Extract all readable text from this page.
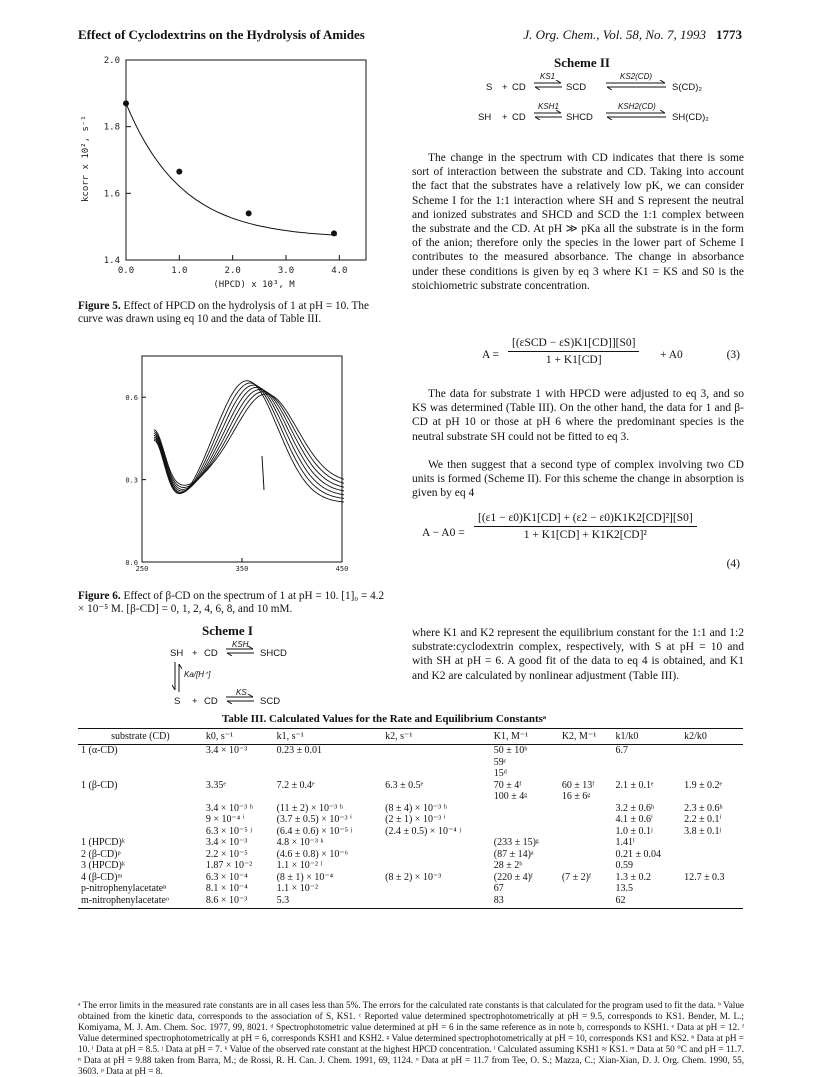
Effect of Cyclodextrins on the Hydrolysis of Amides	J. Org. Chem., Vol. 58, No. 7, 1993 1773
1.4
1.6
1.8
2.0
0.0	1.0	2.0	3.0	4.0
kcorr x 10², s⁻¹
(HPCD) x 10³, M
Figure 5. Effect of HPCD on the hydrolysis of 1 at pH = 10. The curve was drawn using eq 10 and the data of Table III.
0.0
0.3
0.6
250	350	450
Figure 6. Effect of β-CD on the spectrum of 1 at pH = 10. [1]₀ = 4.2 × 10⁻⁵ M. [β-CD] = 0, 1, 2, 4, 6, 8, and 10 mM.
Scheme I
SH + CD
KSH
SHCD
Ka/[H⁺]
S + CD
KS
SCD
Scheme II
S + CD
KS1
SCD
KS2(CD)
S(CD)₂
SH + CD
KSH1
SHCD
KSH2(CD)
SH(CD)₂
The change in the spectrum with CD indicates that there is some sort of interaction between the substrate and CD. Taking into account the fact that the substrates have a relatively low pK, we can consider Scheme I for the 1:1 interaction where SH and S represent the neutral and ionized substrates and SHCD and SCD the 1:1 complex between the substrate and the CD. At pH ≫ pKa all the substrate is in the form of the anion; therefore only the species in the lower part of Scheme I contributes to the measured absorbance. The change in absorbance under these conditions is given by eq 3 where K1 = KS and S0 is the stoichiometric substrate concentration.
A =
[(εSCD − εS)K1[CD]][S0]
1 + K1[CD]	+ A0	(3)
The data for substrate 1 with HPCD were adjusted to eq 3, and so KS was determined (Table III). On the other hand, the data for 1 and β-CD at pH 10 or those at pH 6 where the predominant species is the neutral substrate SH could not be fitted to eq 3.
We then suggest that a second type of complex involving two CD units is formed (Scheme II). For this scheme the change in absorption is given by eq 4
$A - A0 = \frac{\text{[(ε1 − ε0)K1[CD] + (ε2 − ε0)K1K2[CD]²][S0]}}{\text{1 + K1[CD] + K1K2[CD]²}}$
(4)
where K1 and K2 represent the equilibrium constant for the 1:1 and 1:2 substrate:cyclodextrin complex, respectively, with S at pH = 10 and with SH at pH = 6. A good fit of the data to eq 4 is obtained, and K1 and K2 are calculated by nonlinear adjustment (Table III).
Table III. Calculated Values for the Rate and Equilibrium Constantsᵃ
substrate (CD)	k0, s⁻¹	k1, s⁻¹	k2, s⁻¹	K1, M⁻¹	K2, M⁻¹	k1/k0	k2/k0
1 (α-CD)	3.4 × 10⁻³	0.23 ± 0.01		50 ± 10ᵇ		6.7	
				59ᶜ			
				15ᵈ			
1 (β-CD)	3.35ᵉ	7.2 ± 0.4ᵉ	6.3 ± 0.5ᵉ	70 ± 4ᶠ	60 ± 13ᶠ	2.1 ± 0.1ᵉ	1.9 ± 0.2ᵉ
				100 ± 4ᵍ	16 ± 6ᵍ		
	3.4 × 10⁻³ ʰ	(11 ± 2) × 10⁻³ ʰ	(8 ± 4) × 10⁻³ ʰ			3.2 ± 0.6ʰ	2.3 ± 0.6ʰ
	9 × 10⁻⁴ ⁱ	(3.7 ± 0.5) × 10⁻³ ⁱ	(2 ± 1) × 10⁻³ ⁱ			4.1 ± 0.6ⁱ	2.2 ± 0.1ⁱ
	6.3 × 10⁻⁵ ʲ	(6.4 ± 0.6) × 10⁻⁵ ʲ	(2.4 ± 0.5) × 10⁻⁴ ʲ			1.0 ± 0.1ʲ	3.8 ± 0.1ʲ
1 (HPCD)ᵏ	3.4 × 10⁻³	4.8 × 10⁻³ ᵏ		(233 ± 15)ᵍ		1.41ˡ	
2 (β-CD)ᵖ	2.2 × 10⁻⁵	(4.6 ± 0.8) × 10⁻⁶		(87 ± 14)ᵃ		0.21 ± 0.04	
3 (HPCD)ᵏ	1.87 × 10⁻²	1.1 × 10⁻² ˡ		28 ± 2ᵇ		0.59	
4 (β-CD)ᵐ	6.3 × 10⁻⁴	(8 ± 1) × 10⁻⁴	(8 ± 2) × 10⁻³	(220 ± 4)ᶠ	(7 ± 2)ᶠ	1.3 ± 0.2	12.7 ± 0.3
p-nitrophenylacetateⁿ	8.1 × 10⁻⁴	1.1 × 10⁻²		67		13.5	
m-nitrophenylacetateᵒ	8.6 × 10⁻³	5.3		83		62	
ᵃ The error limits in the measured rate constants are in all cases less than 5%. The errors for the calculated rate constants is that calculated for the program used to fit the data. ᵇ Value obtained from the kinetic data, corresponds to the association of S, KS1. ᶜ Reported value determined spectrophotometrically at pH = 9.5, corresponds to KS1. Bender, M. L.; Komiyama, M. J. Am. Chem. Soc. 1977, 99, 8021. ᵈ Spectrophotometric value determined at pH = 6 in the same reference as in note b, corresponds to KSH1. ᵉ Data at pH = 12. ᶠ Value determined spectrophotometrically at pH = 6, corresponds KSH1 and KSH2. ᵍ Value determined spectrophotometrically at pH = 10, corresponds KS1 and KS2. ʰ Data at pH = 10. ⁱ Data at pH = 8.5. ʲ Data at pH = 7. ᵏ Value of the observed rate constant at the highest HPCD concentration. ˡ Calculated assuming KSH1 ≈ KS1. ᵐ Data at 50 °C and pH = 11.7. ⁿ Data at pH = 9.88 taken from Barra, M.; de Rossi, R. H. Can. J. Chem. 1991, 69, 1124. ᵒ Data at pH = 11.7 from Tee, O. S.; Mazza, C.; Xian-Xian, D. J. Org. Chem. 1990, 55, 3603. ᵖ Data at pH = 8.
